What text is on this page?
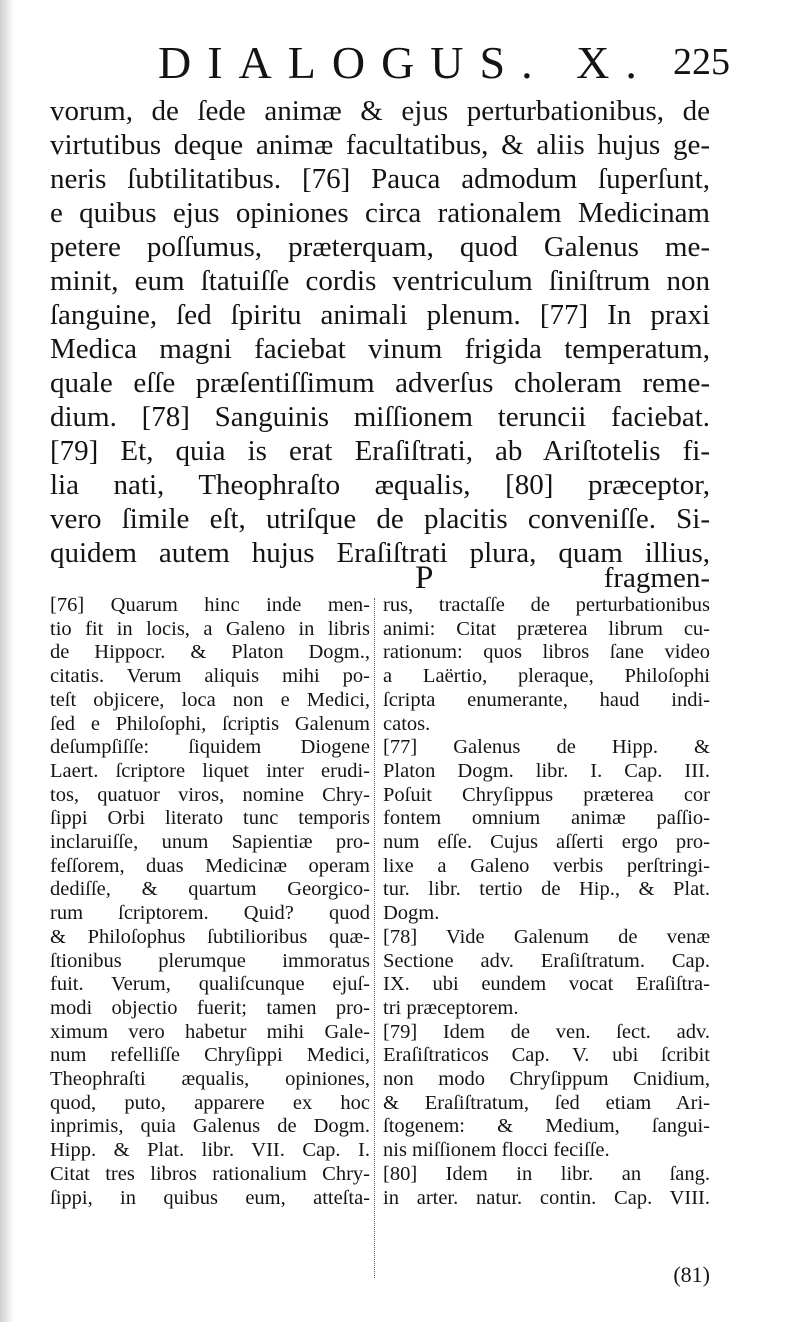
DIALOGUS. X. 225
vorum, de ſede animæ & ejus perturbationibus, de
virtutibus deque animæ facultatibus, & aliis hujus ge-
neris ſubtilitatibus. [76] Pauca admodum ſuperſunt,
e quibus ejus opiniones circa rationalem Medicinam
petere poſſumus, præterquam, quod Galenus me-
minit, eum ſtatuiſſe cordis ventriculum ſiniſtrum non
ſanguine, ſed ſpiritu animali plenum. [77] In praxi
Medica magni faciebat vinum frigida temperatum,
quale eſſe præſentiſſimum adverſus choleram reme-
dium. [78] Sanguinis miſſionem teruncii faciebat.
[79] Et, quia is erat Eraſiſtrati, ab Ariſtotelis fi-
lia nati, Theophraſto æqualis, [80] præceptor,
vero ſimile eſt, utriſque de placitis conveniſſe. Si-
quidem autem hujus Eraſiſtrati plura, quam illius,
P	fragmen-
[76] Quarum hinc inde men-
tio fit in locis, a Galeno in libris
de Hippocr. & Platon Dogm.,
citatis. Verum aliquis mihi po-
teſt objicere, loca non e Medici,
ſed e Philoſophi, ſcriptis Galenum
deſumpſiſſe: ſiquidem Diogene
Laert. ſcriptore liquet inter erudi-
tos, quatuor viros, nomine Chry-
ſippi Orbi literato tunc temporis
inclaruiſſe, unum Sapientiæ pro-
feſſorem, duas Medicinæ operam
dediſſe, & quartum Georgico-
rum ſcriptorem. Quid? quod
& Philoſophus ſubtilioribus quæ-
ſtionibus plerumque immoratus
fuit. Verum, qualiſcunque ejuſ-
modi objectio fuerit; tamen pro-
ximum vero habetur mihi Gale-
num refelliſſe Chryſippi Medici,
Theophraſti æqualis, opiniones,
quod, puto, apparere ex hoc
inprimis, quia Galenus de Dogm.
Hipp. & Plat. libr. VII. Cap. I.
Citat tres libros rationalium Chry-
ſippi, in quibus eum, atteſta-
rus, tractaſſe de perturbationibus
animi: Citat præterea librum cu-
rationum: quos libros ſane video
a Laërtio, pleraque, Philoſophi
ſcripta enumerante, haud indi-
catos.
[77] Galenus de Hipp. &
Platon Dogm. libr. I. Cap. III.
Poſuit Chryſippus præterea cor
fontem omnium animæ paſſio-
num eſſe. Cujus aſſerti ergo pro-
lixe a Galeno verbis perſtringi-
tur. libr. tertio de Hip., & Plat.
Dogm.
[78] Vide Galenum de venæ
Sectione adv. Eraſiſtratum. Cap.
IX. ubi eundem vocat Eraſiſtra-
tri præceptorem.
[79] Idem de ven. ſect. adv.
Eraſiſtraticos Cap. V. ubi ſcribit
non modo Chryſippum Cnidium,
& Eraſiſtratum, ſed etiam Ari-
ſtogenem: & Medium, ſangui-
nis miſſionem flocci feciſſe.
[80] Idem in libr. an ſang.
in arter. natur. contin. Cap. VIII.
(81)
